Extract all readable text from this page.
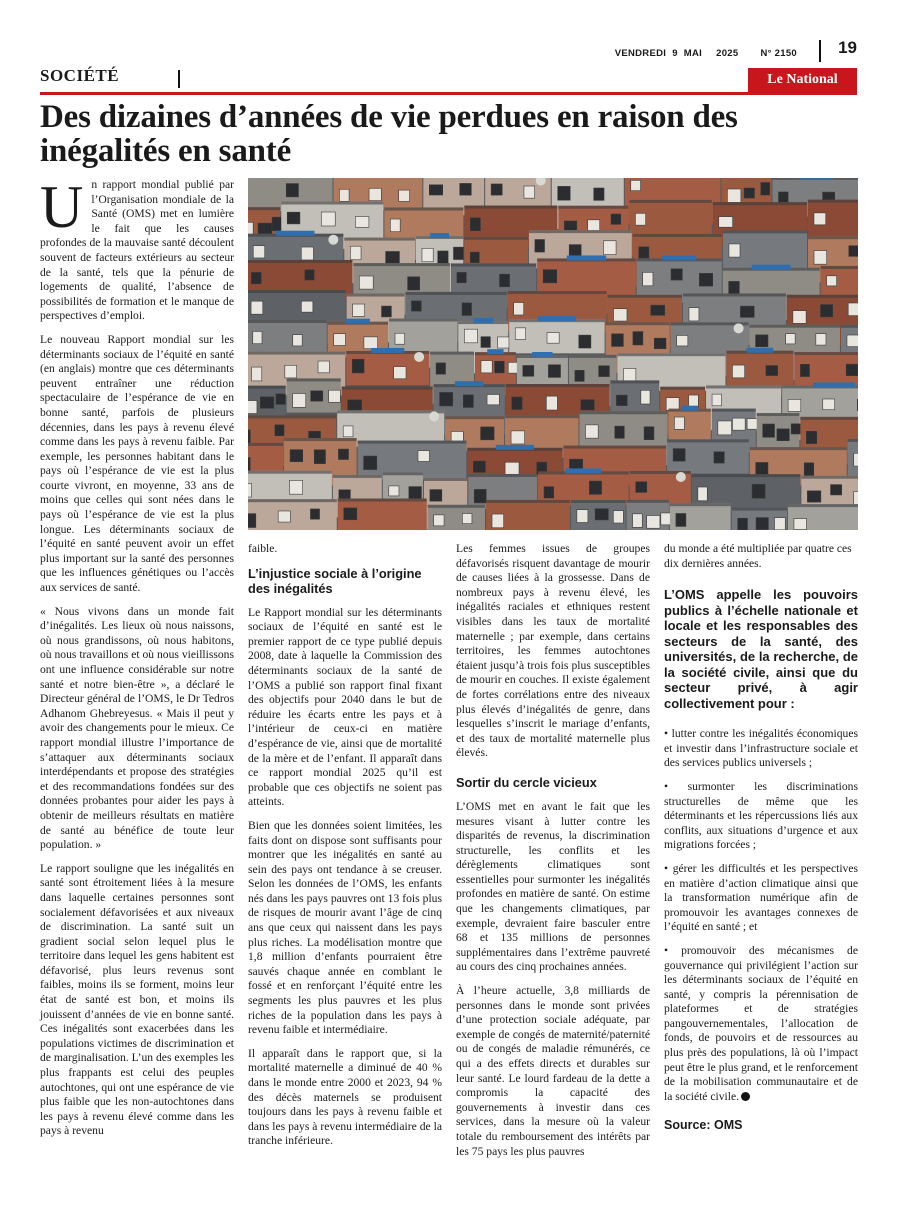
VENDREDI 9 MAI 2025 N° 2150 19
SOCIÉTÉ	Le National
Des dizaines d’années de vie perdues en raison des inégalités en santé

Un rapport mondial publié par l’Organisation mondiale de la Santé (OMS) met en lumière le fait que les causes profondes de la mauvaise santé découlent souvent de facteurs extérieurs au secteur de la santé, tels que la pénurie de logements de qualité, l’absence de possibilités de formation et le manque de perspectives d’emploi.

Le nouveau Rapport mondial sur les déterminants sociaux de l’équité en santé (en anglais) montre que ces déterminants peuvent entraîner une réduction spectaculaire de l’espérance de vie en bonne santé, parfois de plusieurs décennies, dans les pays à revenu élevé comme dans les pays à revenu faible. Par exemple, les personnes habitant dans le pays où l’espérance de vie est la plus courte vivront, en moyenne, 33 ans de moins que celles qui sont nées dans le pays où l’espérance de vie est la plus longue. Les déterminants sociaux de l’équité en santé peuvent avoir un effet plus important sur la santé des personnes que les influences génétiques ou l’accès aux services de santé.

« Nous vivons dans un monde fait d’inégalités. Les lieux où nous naissons, où nous grandissons, où nous habitons, où nous travaillons et où nous vieillissons ont une influence considérable sur notre santé et notre bien-être », a déclaré le Directeur général de l’OMS, le Dr Tedros Adhanom Ghebreyesus. « Mais il peut y avoir des changements pour le mieux. Ce rapport mondial illustre l’importance de s’attaquer aux déterminants sociaux interdépendants et propose des stratégies et des recommandations fondées sur des données probantes pour aider les pays à obtenir de meilleurs résultats en matière de santé au bénéfice de toute leur population. »

Le rapport souligne que les inégalités en santé sont étroitement liées à la mesure dans laquelle certaines personnes sont socialement défavorisées et aux niveaux de discrimination. La santé suit un gradient social selon lequel plus le territoire dans lequel les gens habitent est défavorisé, plus leurs revenus sont faibles, moins ils se forment, moins leur état de santé est bon, et moins ils jouissent d’années de vie en bonne santé. Ces inégalités sont exacerbées dans les populations victimes de discrimination et de marginalisation. L’un des exemples les plus frappants est celui des peuples autochtones, qui ont une espérance de vie plus faible que les non-autochtones dans les pays à revenu élevé comme dans les pays à revenu

faible.

L’injustice sociale à l’origine des inégalités

Le Rapport mondial sur les déterminants sociaux de l’équité en santé est le premier rapport de ce type publié depuis 2008, date à laquelle la Commission des déterminants sociaux de la santé de l’OMS a publié son rapport final fixant des objectifs pour 2040 dans le but de réduire les écarts entre les pays et à l’intérieur de ceux-ci en matière d’espérance de vie, ainsi que de mortalité de la mère et de l’enfant. Il apparaît dans ce rapport mondial 2025 qu’il est probable que ces objectifs ne soient pas atteints.

Bien que les données soient limitées, les faits dont on dispose sont suffisants pour montrer que les inégalités en santé au sein des pays ont tendance à se creuser. Selon les données de l’OMS, les enfants nés dans les pays pauvres ont 13 fois plus de risques de mourir avant l’âge de cinq ans que ceux qui naissent dans les pays plus riches. La modélisation montre que 1,8 million d’enfants pourraient être sauvés chaque année en comblant le fossé et en renforçant l’équité entre les segments les plus pauvres et les plus riches de la population dans les pays à revenu faible et intermédiaire.

Il apparaît dans le rapport que, si la mortalité maternelle a diminué de 40 % dans le monde entre 2000 et 2023, 94 % des décès maternels se produisent toujours dans les pays à revenu faible et dans les pays à revenu intermédiaire de la tranche inférieure.

Les femmes issues de groupes défavorisés risquent davantage de mourir de causes liées à la grossesse. Dans de nombreux pays à revenu élevé, les inégalités raciales et ethniques restent visibles dans les taux de mortalité maternelle ; par exemple, dans certains territoires, les femmes autochtones étaient jusqu’à trois fois plus susceptibles de mourir en couches. Il existe également de fortes corrélations entre des niveaux plus élevés d’inégalités de genre, dans lesquelles s’inscrit le mariage d’enfants, et des taux de mortalité maternelle plus élevés.

Sortir du cercle vicieux

L’OMS met en avant le fait que les mesures visant à lutter contre les disparités de revenus, la discrimination structurelle, les conflits et les dérèglements climatiques sont essentielles pour surmonter les inégalités profondes en matière de santé. On estime que les changements climatiques, par exemple, devraient faire basculer entre 68 et 135 millions de personnes supplémentaires dans l’extrême pauvreté au cours des cinq prochaines années.

À l’heure actuelle, 3,8 milliards de personnes dans le monde sont privées d’une protection sociale adéquate, par exemple de congés de maternité/paternité ou de congés de maladie rémunérés, ce qui a des effets directs et durables sur leur santé. Le lourd fardeau de la dette a compromis la capacité des gouvernements à investir dans ces services, dans la mesure où la valeur totale du remboursement des intérêts par les 75 pays les plus pauvres

du monde a été multipliée par quatre ces dix dernières années.

L’OMS appelle les pouvoirs publics à l’échelle nationale et locale et les responsables des secteurs de la santé, des universités, de la recherche, de la société civile, ainsi que du secteur privé, à agir collectivement pour :

• lutter contre les inégalités économiques et investir dans l’infrastructure sociale et des services publics universels ;

• surmonter les discriminations structurelles de même que les déterminants et les répercussions liés aux conflits, aux situations d’urgence et aux migrations forcées ;

• gérer les difficultés et les perspectives en matière d’action climatique ainsi que la transformation numérique afin de promouvoir les avantages connexes de l’équité en santé ; et

• promouvoir des mécanismes de gouvernance qui privilégient l’action sur les déterminants sociaux de l’équité en santé, y compris la pérennisation de plateformes et de stratégies pangouvernementales, l’allocation de fonds, de pouvoirs et de ressources au plus près des populations, là où l’impact peut être le plus grand, et le renforcement de la mobilisation communautaire et de la société civile.

Source: OMS
